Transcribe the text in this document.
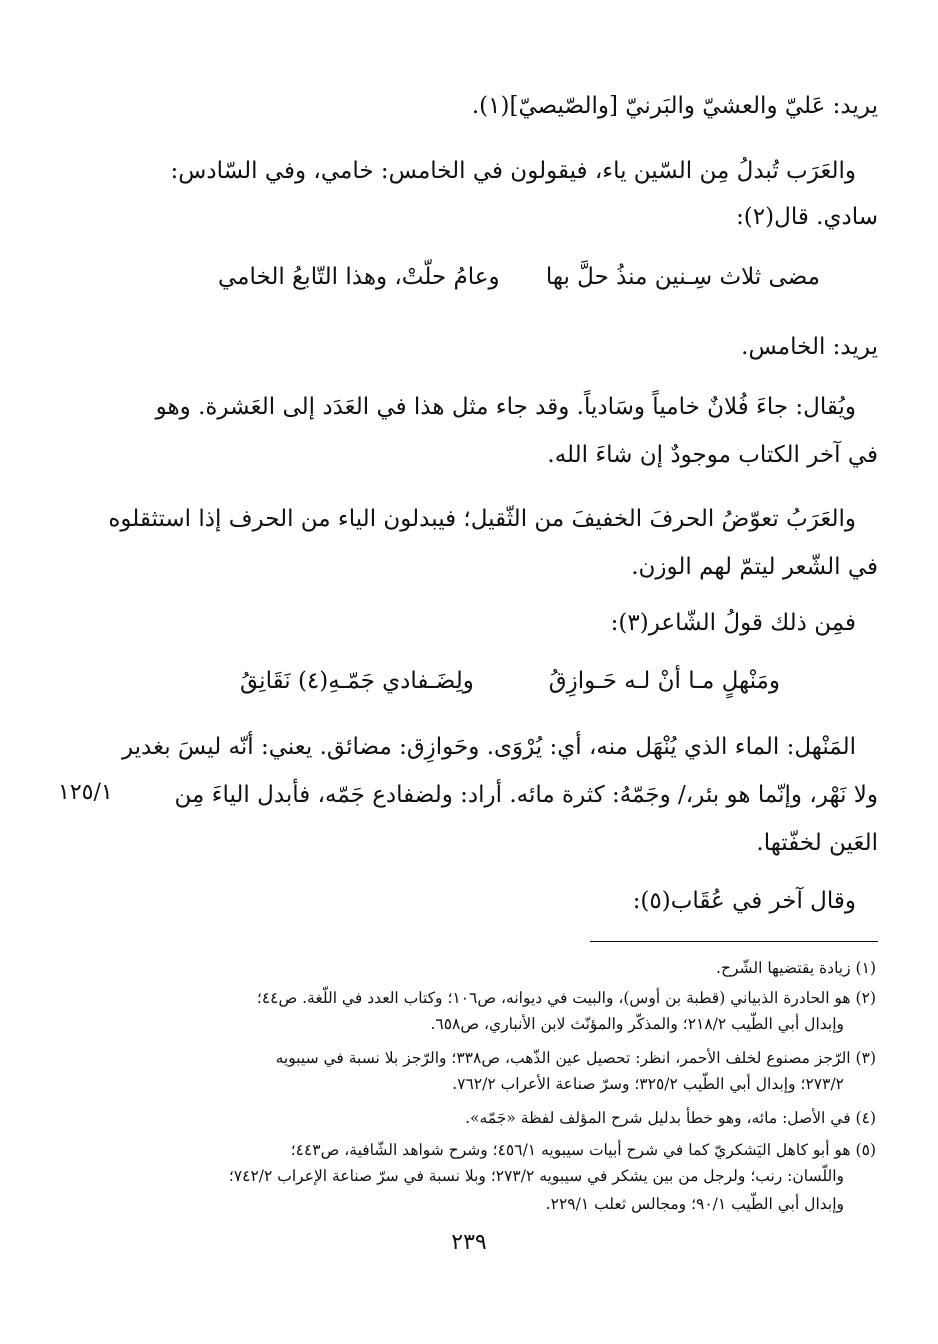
يريد: عَليّ والعشيّ والبَرنيّ [والصّيصيّ](١).
والعَرَب تُبدلُ مِن السّين ياء، فيقولون في الخامس: خامي، وفي السّادس:
سادي. قال(٢):
مضى ثلاث سِـنين منذُ حلَّ بها
وعامُ حلّتْ، وهذا التّابعُ الخامي
يريد: الخامس.
ويُقال: جاءَ فُلانٌ خامياً وسَادياً. وقد جاء مثل هذا في العَدَد إلى العَشرة. وهو
في آخر الكتاب موجودٌ إن شاءَ الله.
والعَرَبُ تعوّضُ الحرفَ الخفيفَ من الثّقيل؛ فيبدلون الياء من الحرف إذا استثقلوه
في الشّعر ليتمّ لهم الوزن.
فمِن ذلك قولُ الشّاعر(٣):
ومَنْهلٍ مـا أنْ لـه حَـوازِقُ
ولِضَـفادي جَمّـهِ(٤) نَقَانِقُ
المَنْهل: الماء الذي يُنْهَل منه، أي: يُرْوَى. وحَوازِق: مضائق. يعني: أنّه ليسَ بغدير
ولا نَهْر، وإنّما هو بئر،/ وجَمّهُ: كثرة مائه. أراد: ولضفادع جَمّه، فأبدل الياءَ مِن
١٢٥/١
العَين لخفّتها.
وقال آخر في عُقَاب(٥):
(١) زيادة يقتضيها الشّرح.
(٢) هو الحادرة الذبياني (قطبة بن أوس)، والبيت في ديوانه، ص١٠٦؛ وكتاب العدد في اللّغة. ص٤٤؛
وإبدال أبي الطّيب ٢١٨/٢؛ والمذكّر والمؤنّث لابن الأنباري، ص٦٥٨.
(٣) الرّجز مصنوع لخلف الأحمر، انظر: تحصيل عين الذّهب، ص٣٣٨؛ والرّجز بلا نسبة في سيبويه
٢٧٣/٢؛ وإبدال أبي الطّيب ٣٢٥/٢؛ وسرّ صناعة الأعراب ٧٦٢/٢.
(٤) في الأصل: مائه، وهو خطأ بدليل شرح المؤلف لفظة «جَمّه».
(٥) هو أبو كاهل اليَشكريّ كما في شرح أبيات سيبويه ٤٥٦/١؛ وشرح شواهد الشّافية، ص٤٤٣؛
واللّسان: رنب؛ ولرجل من بين يشكر في سيبويه ٢٧٣/٢؛ وبلا نسبة في سرّ صناعة الإعراب ٧٤٢/٢؛
وإبدال أبي الطّيب ٩٠/١؛ ومجالس ثعلب ٢٢٩/١.
٢٣٩
